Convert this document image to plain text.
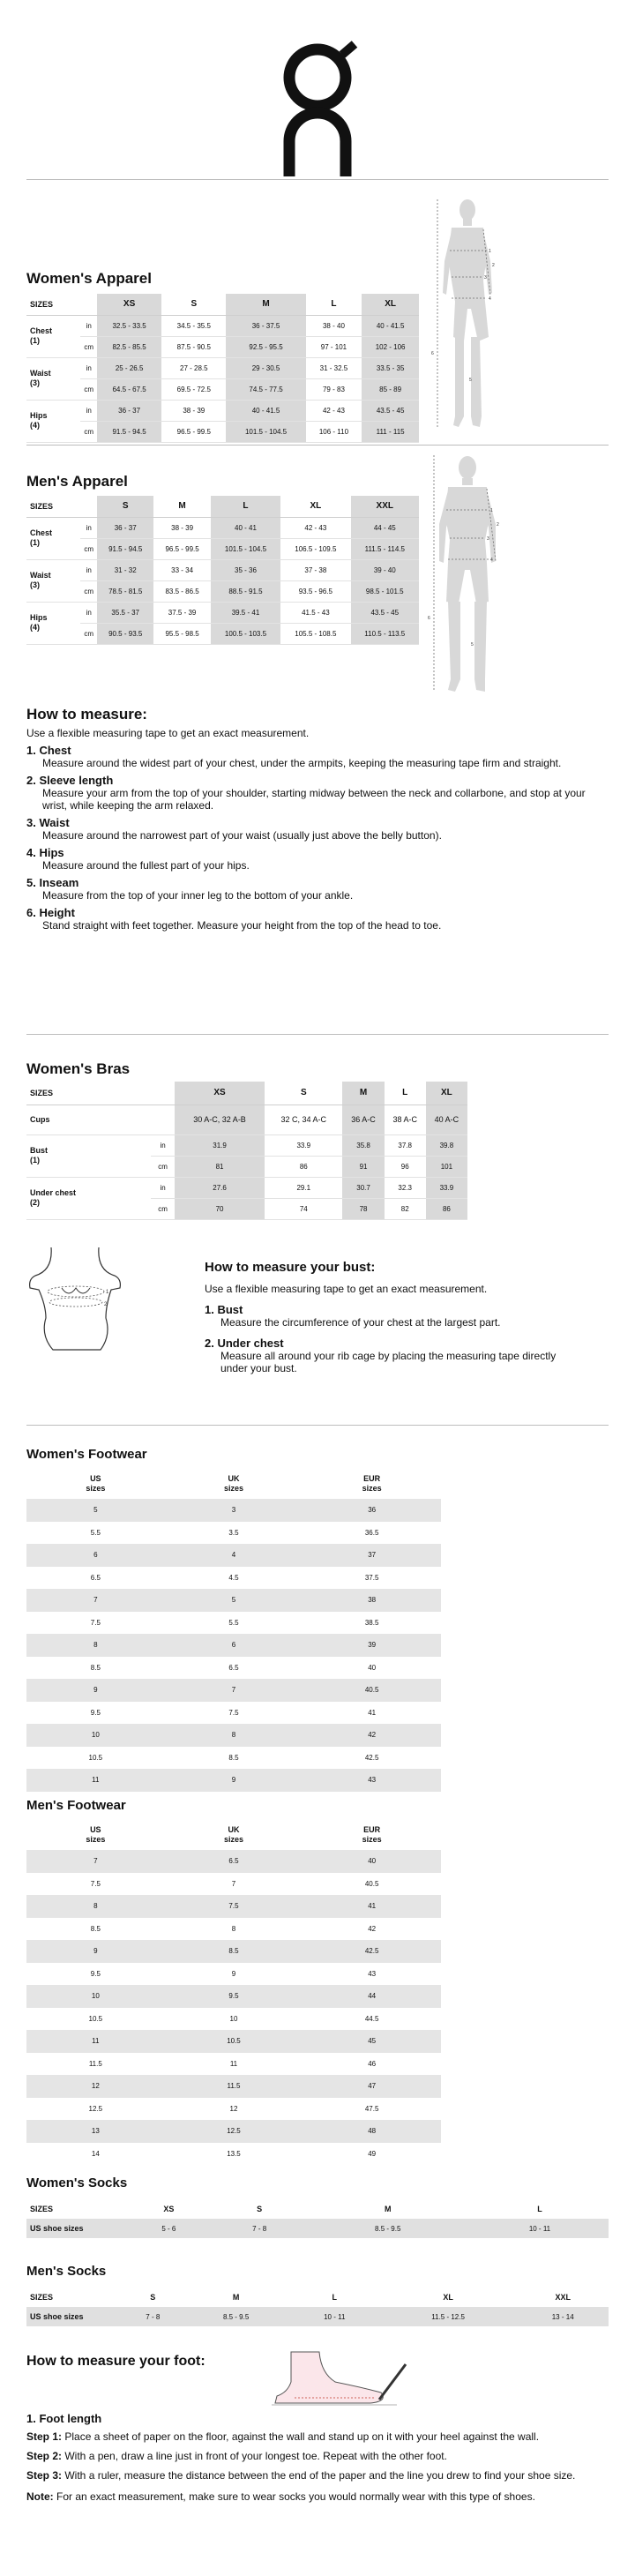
Women's Apparel
SIZES		XS	S	M	L	XL
Chest
(1)	in	32.5 - 33.5	34.5 - 35.5	36 - 37.5	38 - 40	40 - 41.5
	cm	82.5 - 85.5	87.5 - 90.5	92.5 - 95.5	97 - 101	102 - 106
Waist
(3)	in	25 - 26.5	27 - 28.5	29 - 30.5	31 - 32.5	33.5 - 35
	cm	64.5 - 67.5	69.5 - 72.5	74.5 - 77.5	79 - 83	85 - 89
Hips
(4)	in	36 - 37	38 - 39	40 - 41.5	42 - 43	43.5 - 45
	cm	91.5 - 94.5	96.5 - 99.5	101.5 - 104.5	106 - 110	111 - 115
1
3
4
2
6
5
Men's Apparel
SIZES		S	M	L	XL	XXL
Chest
(1)	in	36 - 37	38 - 39	40 - 41	42 - 43	44 - 45
	cm	91.5 - 94.5	96.5 - 99.5	101.5 - 104.5	106.5 - 109.5	111.5 - 114.5
Waist
(3)	in	31 - 32	33 - 34	35 - 36	37 - 38	39 - 40
	cm	78.5 - 81.5	83.5 - 86.5	88.5 - 91.5	93.5 - 96.5	98.5 - 101.5
Hips
(4)	in	35.5 - 37	37.5 - 39	39.5 - 41	41.5 - 43	43.5 - 45
	cm	90.5 - 93.5	95.5 - 98.5	100.5 - 103.5	105.5 - 108.5	110.5 - 113.5
1
3
4
2
6
5

How to measure:

Use a flexible measuring tape to get an exact measurement.

1. Chest

Measure around the widest part of your chest, under the armpits, keeping the measuring tape firm and straight.

2. Sleeve length

Measure your arm from the top of your shoulder, starting midway between the neck and collarbone, and stop at your wrist, while keeping the arm relaxed.

3. Waist

Measure around the narrowest part of your waist (usually just above the belly button).

4. Hips

Measure around the fullest part of your hips.

5. Inseam

Measure from the top of your inner leg to the bottom of your ankle.

6. Height

Stand straight with feet together. Measure your height from the top of the head to toe.

Women's Bras
SIZES		XS	S	M	L	XL
Cups		30 A-C, 32 A-B	32 C, 34 A-C	36 A-C	38 A-C	40 A-C
Bust
(1)	in	31.9	33.9	35.8	37.8	39.8
	cm	81	86	91	96	101
Under chest
(2)	in	27.6	29.1	30.7	32.3	33.9
	cm	70	74	78	82	86
1
2

How to measure your bust:

Use a flexible measuring tape to get an exact measurement.

1. Bust

Measure the circumference of your chest at the largest part.

2. Under chest

Measure all around your rib cage by placing the measuring tape directly under your bust.

Women's Footwear
US
sizes	UK
sizes	EUR
sizes
5	3	36
5.5	3.5	36.5
6	4	37
6.5	4.5	37.5
7	5	38
7.5	5.5	38.5
8	6	39
8.5	6.5	40
9	7	40.5
9.5	7.5	41
10	8	42
10.5	8.5	42.5
11	9	43
Men's Footwear
US
sizes	UK
sizes	EUR
sizes
7	6.5	40
7.5	7	40.5
8	7.5	41
8.5	8	42
9	8.5	42.5
9.5	9	43
10	9.5	44
10.5	10	44.5
11	10.5	45
11.5	11	46
12	11.5	47
12.5	12	47.5
13	12.5	48
14	13.5	49
Women's Socks
SIZES	XS	S	M	L
US shoe sizes	5 - 6	7 - 8	8.5 - 9.5	10 - 11
Men's Socks
SIZES	S	M	L	XL	XXL
US shoe sizes	7 - 8	8.5 - 9.5	10 - 11	11.5 - 12.5	13 - 14
How to measure your foot:

1. Foot length

Step 1: Place a sheet of paper on the floor, against the wall and stand up on it with your heel against the wall.

Step 2: With a pen, draw a line just in front of your longest toe. Repeat with the other foot.

Step 3: With a ruler, measure the distance between the end of the paper and the line you drew to find your shoe size.

Note: For an exact measurement, make sure to wear socks you would normally wear with this type of shoes.
